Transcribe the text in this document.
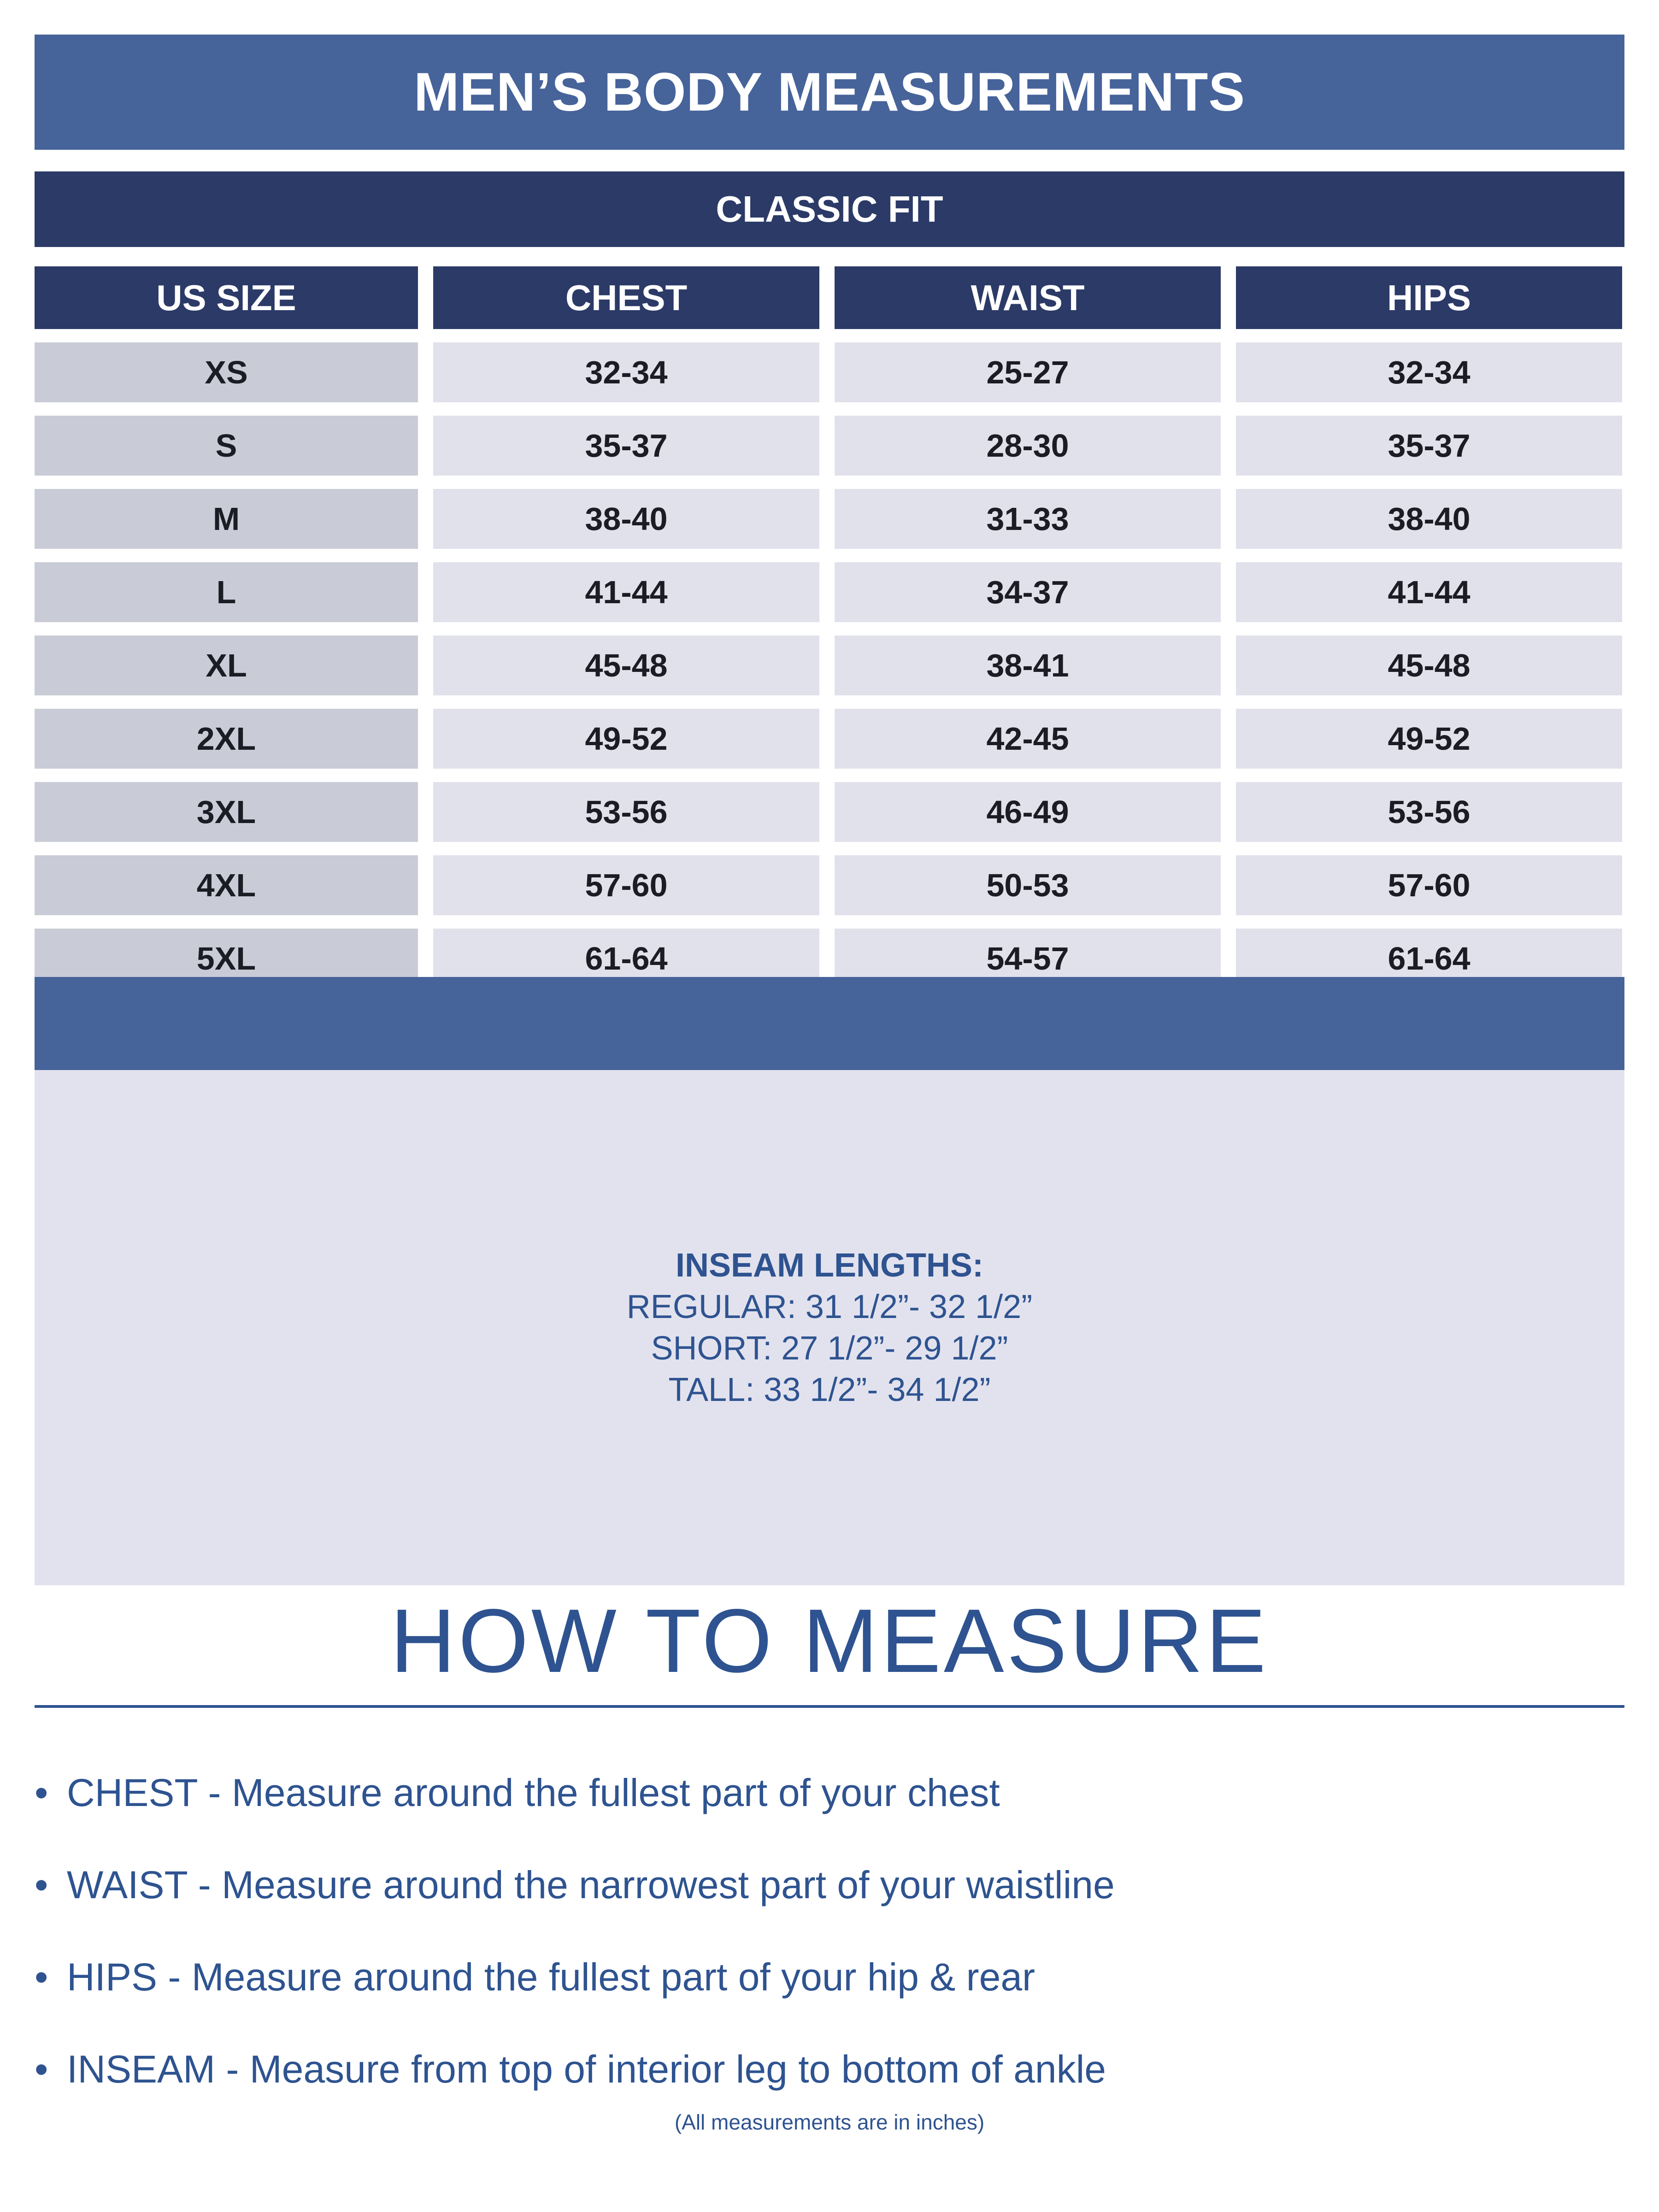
MEN’S BODY MEASUREMENTS
CLASSIC FIT
US SIZE	CHEST	WAIST	HIPS
XS	32-34	25-27	32-34
S	35-37	28-30	35-37
M	38-40	31-33	38-40
L	41-44	34-37	41-44
XL	45-48	38-41	45-48
2XL	49-52	42-45	49-52
3XL	53-56	46-49	53-56
4XL	57-60	50-53	57-60
5XL	61-64	54-57	61-64
INSEAM LENGTHS:
REGULAR: 31 1/2”- 32 1/2”
SHORT: 27 1/2”- 29 1/2”
TALL: 33 1/2”- 34 1/2”
HOW TO MEASURE
• CHEST - Measure around the fullest part of your chest
• WAIST - Measure around the narrowest part of your waistline
• HIPS - Measure around the fullest part of your hip & rear
• INSEAM - Measure from top of interior leg to bottom of ankle
(All measurements are in inches)
